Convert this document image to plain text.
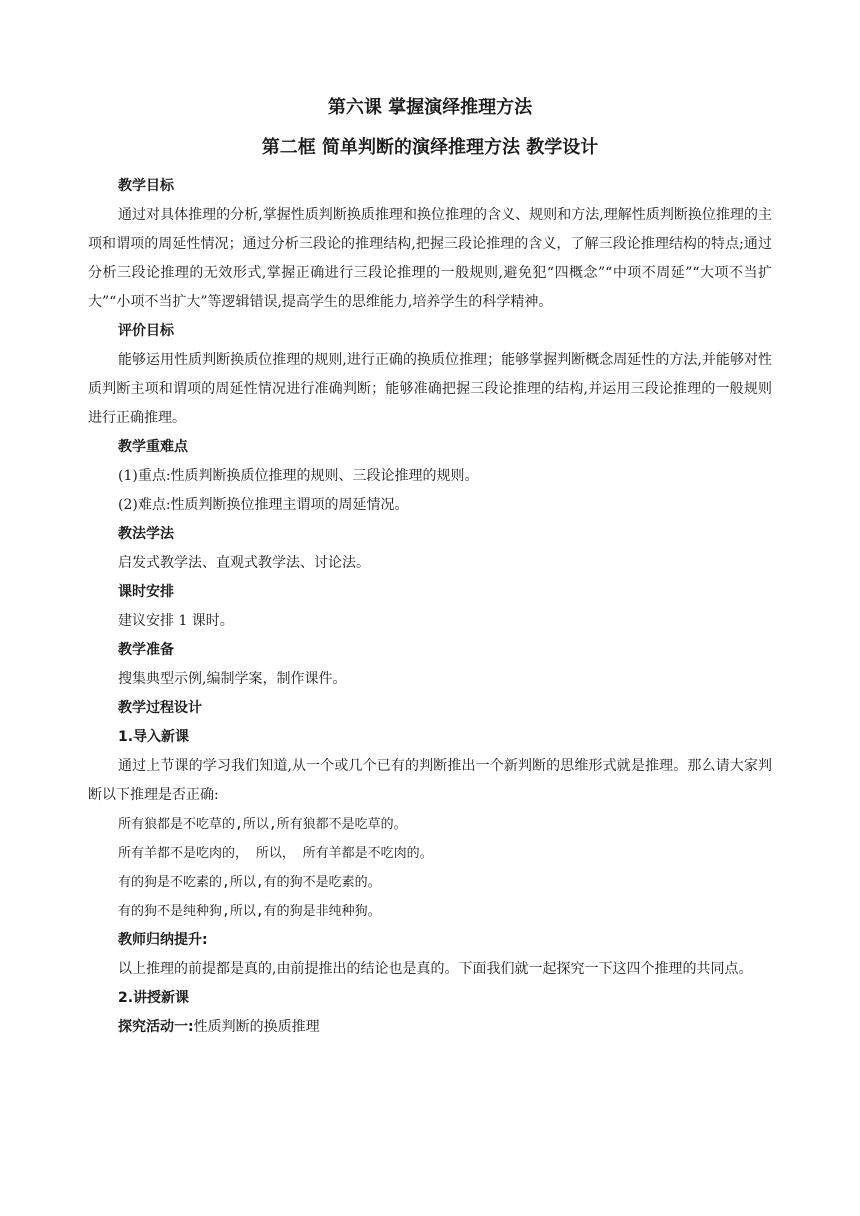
第六课 掌握演绎推理方法
第二框 简单判断的演绎推理方法 教学设计

教学目标

通过对具体推理的分析,掌握性质判断换质推理和换位推理的含义、规则和方法,理解性质判断换位推理的主项和谓项的周延性情况；通过分析三段论的推理结构,把握三段论推理的含义，了解三段论推理结构的特点;通过分析三段论推理的无效形式,掌握正确进行三段论推理的一般规则,避免犯“四概念”“中项不周延”“大项不当扩大”“小项不当扩大”等逻辑错误,提高学生的思维能力,培养学生的科学精神。

评价目标

能够运用性质判断换质位推理的规则,进行正确的换质位推理；能够掌握判断概念周延性的方法,并能够对性质判断主项和谓项的周延性情况进行准确判断；能够准确把握三段论推理的结构,并运用三段论推理的一般规则进行正确推理。

教学重难点

(1)重点:性质判断换质位推理的规则、三段论推理的规则。

(2)难点:性质判断换位推理主谓项的周延情况。

教法学法

启发式教学法、直观式教学法、讨论法。

课时安排

建议安排 1 课时。

教学准备

搜集典型示例,编制学案，制作课件。

教学过程设计

1.导入新课

通过上节课的学习我们知道,从一个或几个已有的判断推出一个新判断的思维形式就是推理。那么请大家判断以下推理是否正确:

所有狼都是不吃草的,所以,所有狼都不是吃草的。

所有羊都不是吃肉的， 所以， 所有羊都是不吃肉的。

有的狗是不吃素的,所以,有的狗不是吃素的。

有的狗不是纯种狗,所以,有的狗是非纯种狗。

教师归纳提升:

以上推理的前提都是真的,由前提推出的结论也是真的。下面我们就一起探究一下这四个推理的共同点。

2.讲授新课

探究活动一:性质判断的换质推理
